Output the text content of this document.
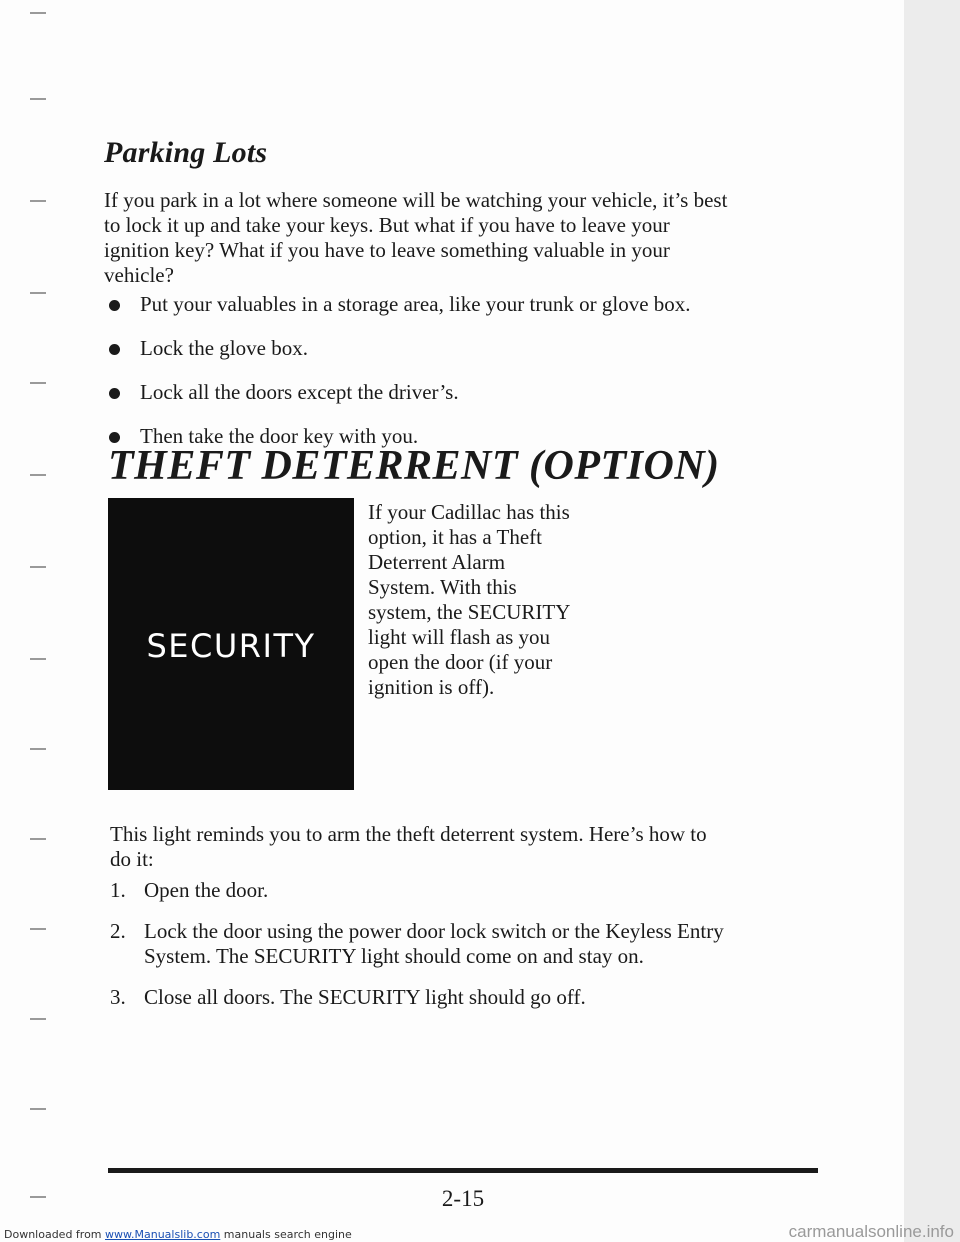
Parking Lots
If you park in a lot where someone will be watching your vehicle, it’s best
to lock it up and take your keys. But what if you have to leave your
ignition key? What if you have to leave something valuable in your
vehicle?
Put your valuables in a storage area, like your trunk or glove box.
Lock the glove box.
Lock all the doors except the driver’s.
Then take the door key with you.
THEFT DETERRENT (OPTION)
SECURITY
If your Cadillac has this
option, it has a Theft
Deterrent Alarm
System. With this
system, the SECURITY
light will flash as you
open the door (if your
ignition is off).
This light reminds you to arm the theft deterrent system. Here’s how to
do it:
1. Open the door.
2. Lock the door using the power door lock switch or the Keyless Entry
System. The SECURITY light should come on and stay on.
3. Close all doors. The SECURITY light should go off.
2-15
Downloaded from www.Manualslib.com manuals search engine	carmanualsonline.info
